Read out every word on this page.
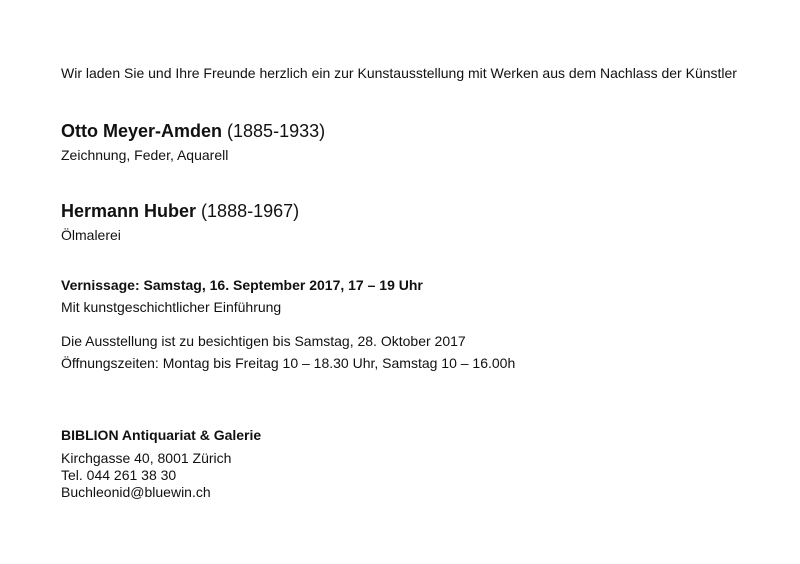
Wir laden Sie und Ihre Freunde herzlich ein zur Kunstausstellung mit Werken aus dem Nachlass der Künstler
Otto Meyer-Amden (1885-1933)
Zeichnung, Feder, Aquarell
Hermann Huber (1888-1967)
Ölmalerei
Vernissage: Samstag, 16. September 2017, 17 – 19 Uhr
Mit kunstgeschichtlicher Einführung
Die Ausstellung ist zu besichtigen bis Samstag, 28. Oktober 2017
Öffnungszeiten: Montag bis Freitag 10 – 18.30 Uhr, Samstag 10 – 16.00h
BIBLION Antiquariat & Galerie
Kirchgasse 40, 8001 Zürich
Tel. 044 261 38 30
Buchleonid@bluewin.ch
